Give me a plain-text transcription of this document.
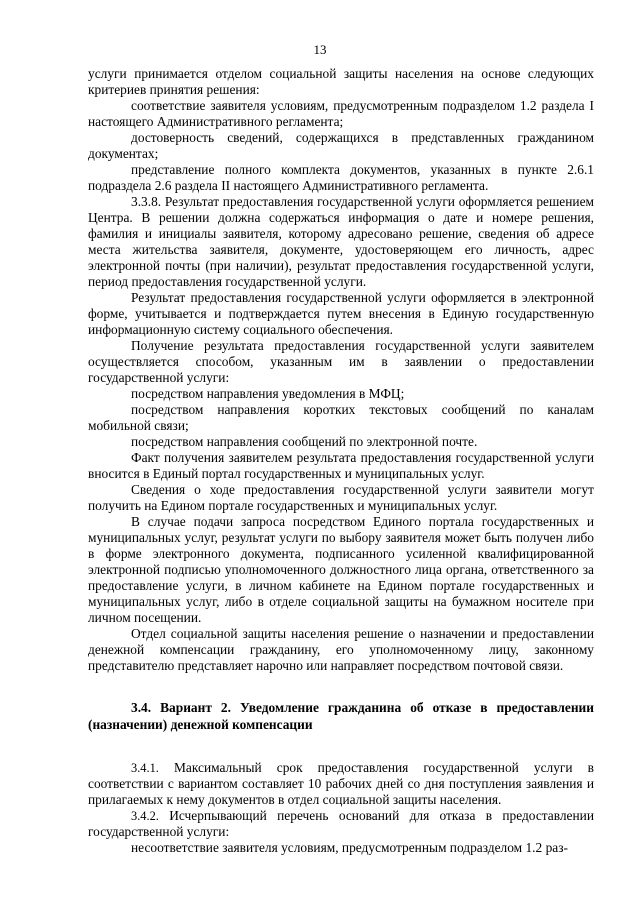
13

услуги принимается отделом социальной защиты населения на основе следующих критериев принятия решения:

соответствие заявителя условиям, предусмотренным подразделом 1.2 раздела I настоящего Административного регламента;

достоверность сведений, содержащихся в представленных гражданином документах;

представление полного комплекта документов, указанных в пункте 2.6.1 подраздела 2.6 раздела II настоящего Административного регламента.

3.3.8. Результат предоставления государственной услуги оформляется решением Центра. В решении должна содержаться информация о дате и номере решения, фамилия и инициалы заявителя, которому адресовано решение, сведения об адресе места жительства заявителя, документе, удостоверяющем его личность, адрес электронной почты (при наличии), результат предоставления государственной услуги, период предоставления государственной услуги.

Результат предоставления государственной услуги оформляется в электронной форме, учитывается и подтверждается путем внесения в Единую государственную информационную систему социального обеспечения.

Получение результата предоставления государственной услуги заявителем осуществляется способом, указанным им в заявлении о предоставлении государственной услуги:

посредством направления уведомления в МФЦ;

посредством направления коротких текстовых сообщений по каналам мобильной связи;

посредством направления сообщений по электронной почте.

Факт получения заявителем результата предоставления государственной услуги вносится в Единый портал государственных и муниципальных услуг.

Сведения о ходе предоставления государственной услуги заявители могут получить на Едином портале государственных и муниципальных услуг.

В случае подачи запроса посредством Единого портала государственных и муниципальных услуг, результат услуги по выбору заявителя может быть получен либо в форме электронного документа, подписанного усиленной квалифицированной электронной подписью уполномоченного должностного лица органа, ответственного за предоставление услуги, в личном кабинете на Едином портале государственных и муниципальных услуг, либо в отделе социальной защиты на бумажном носителе при личном посещении.

Отдел социальной защиты населения решение о назначении и предоставлении денежной компенсации гражданину, его уполномоченному лицу, законному представителю представляет нарочно или направляет посредством почтовой связи.

3.4. Вариант 2. Уведомление гражданина об отказе в предоставлении (назначении) денежной компенсации

3.4.1. Максимальный срок предоставления государственной услуги в соответствии с вариантом составляет 10 рабочих дней со дня поступления заявления и прилагаемых к нему документов в отдел социальной защиты населения.

3.4.2. Исчерпывающий перечень оснований для отказа в предоставлении государственной услуги:

несоответствие заявителя условиям, предусмотренным подразделом 1.2 раз-
